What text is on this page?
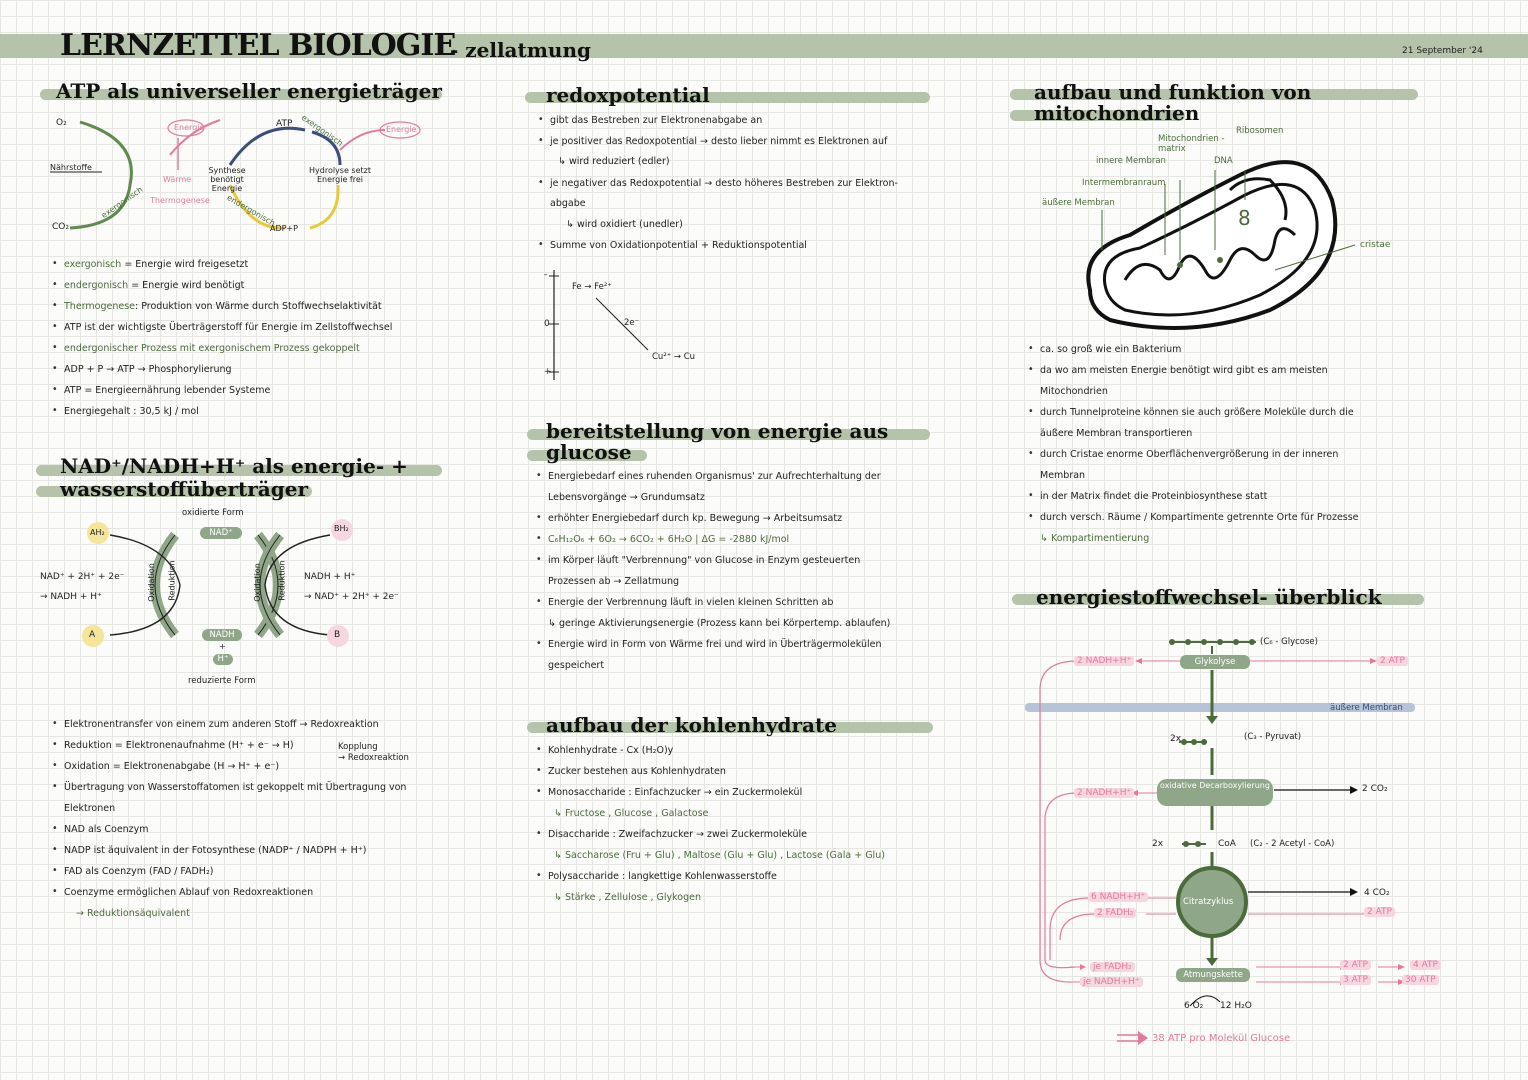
LERNZETTEL BIOLOGIE
- zellatmung	21 September '24
ATP als universeller energieträger
O₂
CO₂
Nährstoffe
exergonisch
Energie
Wärme
Thermogenese
Synthese benötigt Energie
endergonisch
ATP exergonisch
Hydrolyse setzt Energie frei
ADP+P
Energie
• exergonisch = Energie wird freigesetzt
• endergonisch = Energie wird benötigt
• Thermogenese: Produktion von Wärme durch Stoffwechselaktivität
• ATP ist der wichtigste Überträgerstoff für Energie im Zellstoffwechsel
• endergonischer Prozess mit exergonischem Prozess gekoppelt
• ADP + P → ATP → Phosphorylierung
• ATP = Energieernährung lebender Systeme
• Energiegehalt : 30,5 kJ / mol
NAD⁺/NADH+H⁺ als energie- +
wasserstoffüberträger
oxidierte Form
NAD⁺
AH₂	BH₂
NAD⁺ + 2H⁺ + 2e⁻
→ NADH + H⁺
NADH + H⁺
→ NAD⁺ + 2H⁺ + 2e⁻
Oxidation Reduktion	Oxidation Reduktion
A	B
NADH
+
H⁺
reduzierte Form
• Elektronentransfer von einem zum anderen Stoff → Redoxreaktion
• Reduktion = Elektronenaufnahme (H⁺ + e⁻ → H)
• Oxidation = Elektronenabgabe (H → H⁺ + e⁻)
Kopplung
→ Redoxreaktion
• Übertragung von Wasserstoffatomen ist gekoppelt mit Übertragung von
Elektronen
• NAD als Coenzym
• NADP ist äquivalent in der Fotosynthese (NADP⁺ / NADPH + H⁺)
• FAD als Coenzym (FAD / FADH₂)
• Coenzyme ermöglichen Ablauf von Redoxreaktionen
→ Reduktionsäquivalent
redoxpotential
• gibt das Bestreben zur Elektronenabgabe an
• je positiver das Redoxpotential → desto lieber nimmt es Elektronen auf
↳ wird reduziert (edler)
• je negativer das Redoxpotential → desto höheres Bestreben zur Elektron-
abgabe
↳ wird oxidiert (unedler)
• Summe von Oxidationpotential + Reduktionspotential
-
0
+
Fe → Fe²⁺
2e⁻
Cu²⁺ → Cu
bereitstellung von energie aus
glucose
• Energiebedarf eines ruhenden Organismus' zur Aufrechterhaltung der
Lebensvorgänge → Grundumsatz
• erhöhter Energiebedarf durch kp. Bewegung → Arbeitsumsatz
• C₆H₁₂O₆ + 6O₂ → 6CO₂ + 6H₂O | ΔG = -2880 kJ/mol
• im Körper läuft "Verbrennung" von Glucose in Enzym gesteuerten
Prozessen ab → Zellatmung
• Energie der Verbrennung läuft in vielen kleinen Schritten ab
↳ geringe Aktivierungsenergie (Prozess kann bei Körpertemp. ablaufen)
• Energie wird in Form von Wärme frei und wird in Überträgermolekülen
gespeichert
aufbau der kohlenhydrate
• Kohlenhydrate - Cx (H₂O)y
• Zucker bestehen aus Kohlenhydraten
• Monosaccharide : Einfachzucker → ein Zuckermolekül
↳ Fructose , Glucose , Galactose
• Disaccharide : Zweifachzucker → zwei Zuckermoleküle
↳ Saccharose (Fru + Glu) , Maltose (Glu + Glu) , Lactose (Gala + Glu)
• Polysaccharide : langkettige Kohlenwasserstoffe
↳ Stärke , Zellulose , Glykogen
aufbau und funktion von
mitochondrien
8
Mitochondrien - matrix
Ribosomen
innere Membran	DNA
Intermembranraum
äußere Membran
cristae
• ca. so groß wie ein Bakterium
• da wo am meisten Energie benötigt wird gibt es am meisten
Mitochondrien
• durch Tunnelproteine können sie auch größere Moleküle durch die
äußere Membran transportieren
• durch Cristae enorme Oberflächenvergrößerung in der inneren
Membran
• in der Matrix findet die Proteinbiosynthese statt
• durch versch. Räume / Kompartimente getrennte Orte für Prozesse
↳ Kompartimentierung
energiestoffwechsel- überblick
(C₆ - Glycose)
2 NADH+H⁺	Glykolyse	2 ATP
äußere Membran
2x	(C₃ - Pyruvat)
2 NADH+H⁺
oxidative Decarboxylierung	2 CO₂
2x	CoA (C₂ - 2 Acetyl - CoA)
6 NADH+H⁺
2 FADH₂
Citratzyklus
4 CO₂
2 ATP
je FADH₂
je NADH+H⁺
Atmungskette
2 ATP	4 ATP
3 ATP	30 ATP
6 O₂ 12 H₂O
38 ATP pro Molekül Glucose
